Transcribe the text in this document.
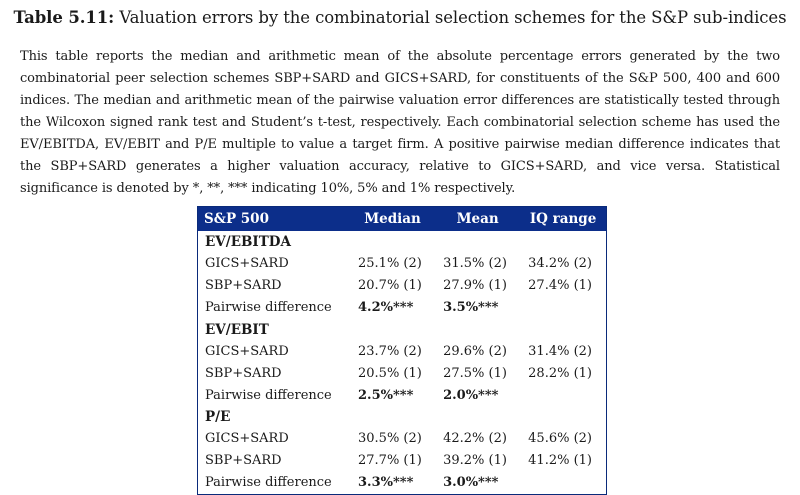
Table 5.11: Valuation errors by the combinatorial selection schemes for the S&P sub-indices

This table reports the median and arithmetic mean of the absolute percentage errors generated by the two combinatorial peer selection schemes SBP+SARD and GICS+SARD, for constituents of the S&P 500, 400 and 600 indices. The median and arithmetic mean of the pairwise valuation error differences are statistically tested through the Wilcoxon signed rank test and Student’s t-test, respectively. Each combinatorial selection scheme has used the EV/EBITDA, EV/EBIT and P/E multiple to value a target firm. A positive pairwise median difference indicates that the SBP+SARD generates a higher valuation accuracy, relative to GICS+SARD, and vice versa. Statistical significance is denoted by *, **, *** indicating 10%, 5% and 1% respectively.

S&P 500	Median	Mean	IQ range
EV/EBITDA			
GICS+SARD	25.1% (2)	31.5% (2)	34.2% (2)
SBP+SARD	20.7% (1)	27.9% (1)	27.4% (1)
Pairwise difference	4.2%***	3.5%***	
EV/EBIT			
GICS+SARD	23.7% (2)	29.6% (2)	31.4% (2)
SBP+SARD	20.5% (1)	27.5% (1)	28.2% (1)
Pairwise difference	2.5%***	2.0%***	
P/E			
GICS+SARD	30.5% (2)	42.2% (2)	45.6% (2)
SBP+SARD	27.7% (1)	39.2% (1)	41.2% (1)
Pairwise difference	3.3%***	3.0%***	
